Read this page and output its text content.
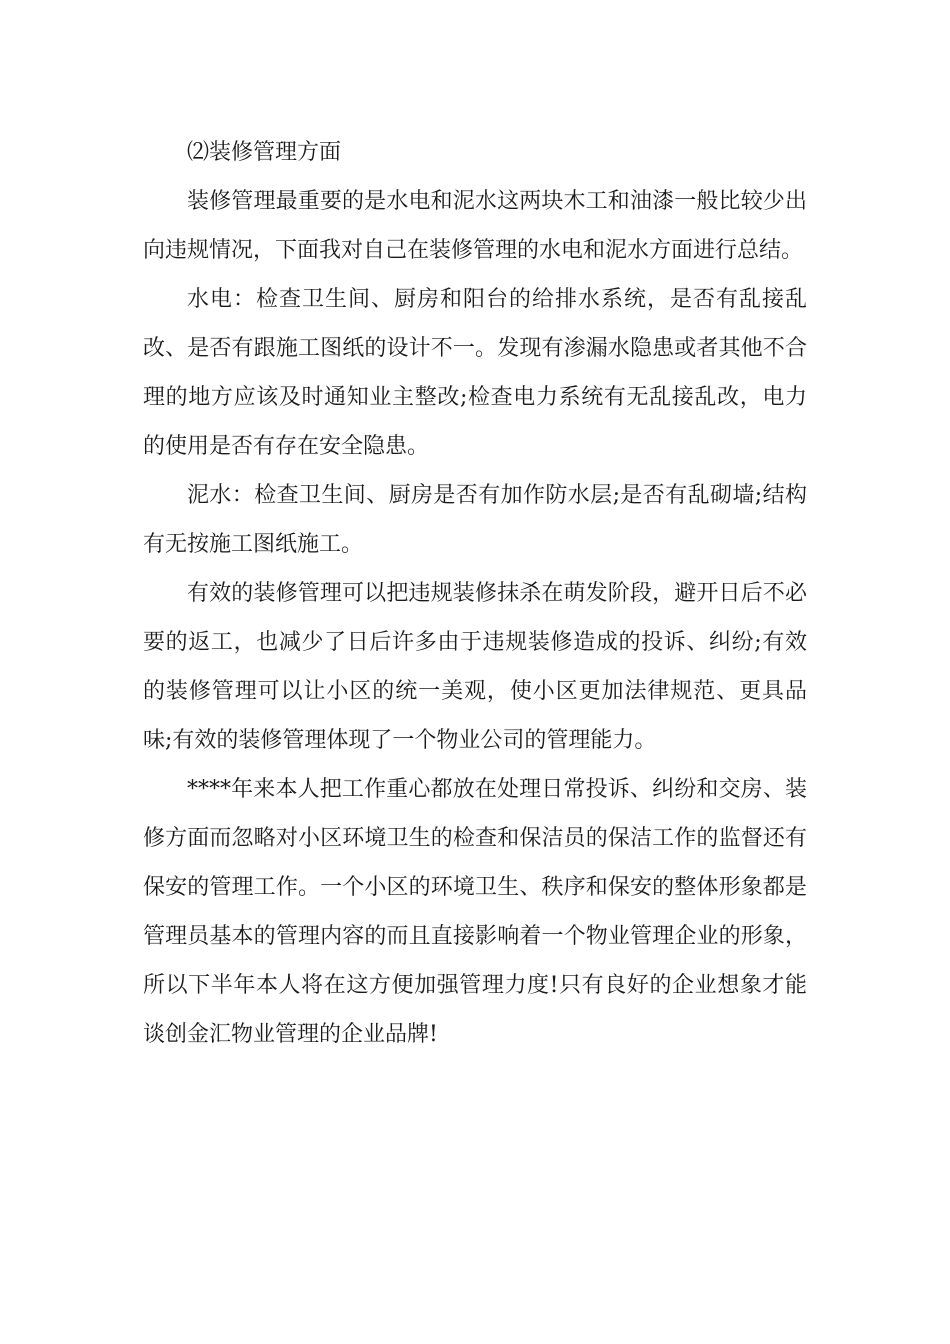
⑵装修管理方面

装修管理最重要的是水电和泥水这两块木工和油漆一般比较少出向违规情况，下面我对自己在装修管理的水电和泥水方面进行总结。

水电：检查卫生间、厨房和阳台的给排水系统，是否有乱接乱改、是否有跟施工图纸的设计不一。发现有渗漏水隐患或者其他不合理的地方应该及时通知业主整改;检查电力系统有无乱接乱改，电力的使用是否有存在安全隐患。

泥水：检查卫生间、厨房是否有加作防水层;是否有乱砌墙;结构有无按施工图纸施工。

有效的装修管理可以把违规装修抹杀在萌发阶段，避开日后不必要的返工，也减少了日后许多由于违规装修造成的投诉、纠纷;有效的装修管理可以让小区的统一美观，使小区更加法律规范、更具品味;有效的装修管理体现了一个物业公司的管理能力。

****年来本人把工作重心都放在处理日常投诉、纠纷和交房、装修方面而忽略对小区环境卫生的检查和保洁员的保洁工作的监督还有保安的管理工作。一个小区的环境卫生、秩序和保安的整体形象都是管理员基本的管理内容的而且直接影响着一个物业管理企业的形象，所以下半年本人将在这方便加强管理力度!只有良好的企业想象才能谈创金汇物业管理的企业品牌!
